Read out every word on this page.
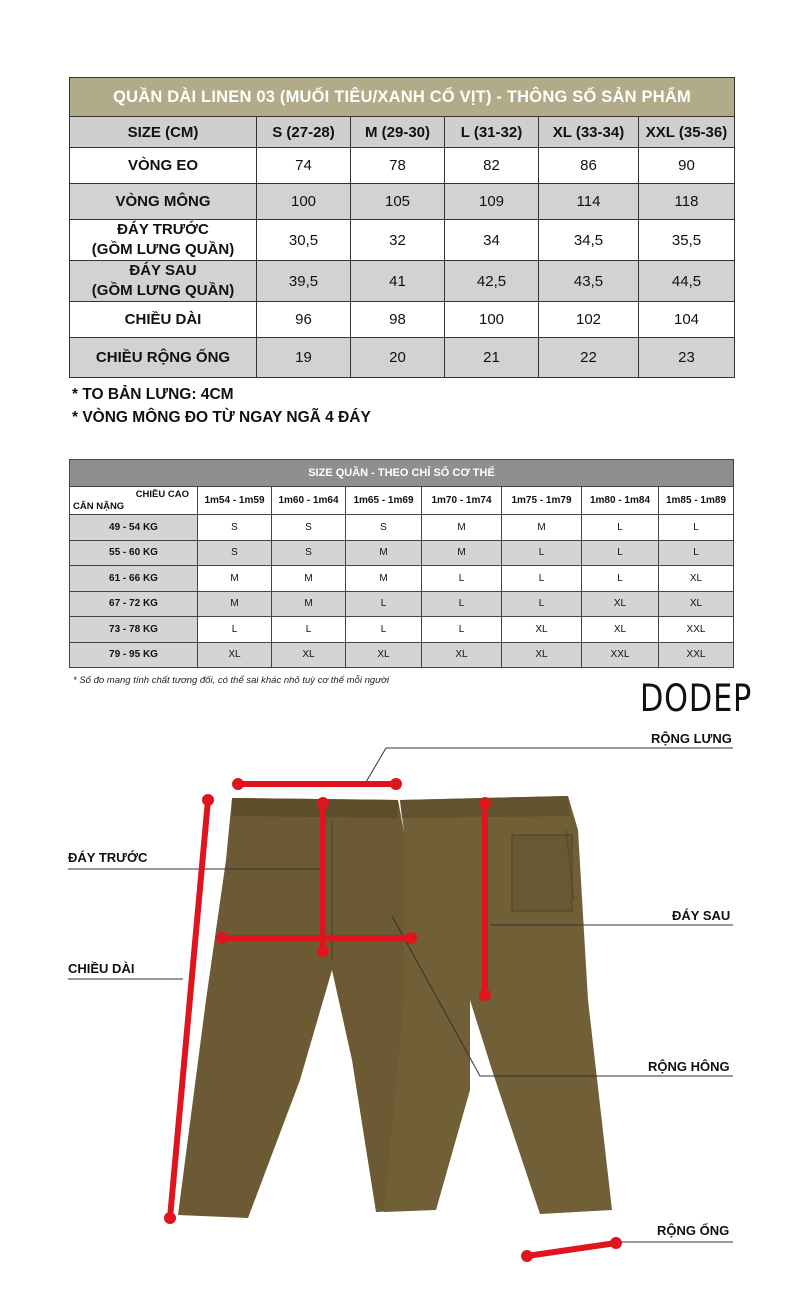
QUẦN DÀI LINEN 03 (MUỐI TIÊU/XANH CỔ VỊT) - THÔNG SỐ SẢN PHẨM					
SIZE (CM)	S (27-28)	M (29-30)	L (31-32)	XL (33-34)	XXL (35-36)
VÒNG EO	74	78	82	86	90
VÒNG MÔNG	100	105	109	114	118
ĐÁY TRƯỚC
(GỒM LƯNG QUẦN)	30,5	32	34	34,5	35,5
ĐÁY SAU
(GỒM LƯNG QUẦN)	39,5	41	42,5	43,5	44,5
CHIỀU DÀI	96	98	100	102	104
CHIỀU RỘNG ỐNG	19	20	21	22	23
* TO BẢN LƯNG: 4CM
* VÒNG MÔNG ĐO TỪ NGAY NGÃ 4 ĐÁY
SIZE QUẦN - THEO CHỈ SỐ CƠ THỂ							

CHIỀU CAO
CÂN NẶNG	1m54 - 1m59	1m60 - 1m64	1m65 - 1m69	1m70 - 1m74	1m75 - 1m79	1m80 - 1m84	1m85 - 1m89
49 - 54 KG	S	S	S	M	M	L	L
55 - 60 KG	S	S	M	M	L	L	L
61 - 66 KG	M	M	M	L	L	L	XL
67 - 72 KG	M	M	L	L	L	XL	XL
73 - 78 KG	L	L	L	L	XL	XL	XXL
79 - 95 KG	XL	XL	XL	XL	XL	XXL	XXL
* Số đo mang tính chất tương đối, có thể sai khác nhỏ tuỳ cơ thể mỗi người	DODEP
RỘNG LƯNG
ĐÁY TRƯỚC
ĐÁY SAU
CHIỀU DÀI
RỘNG HÔNG
RỘNG ỐNG
